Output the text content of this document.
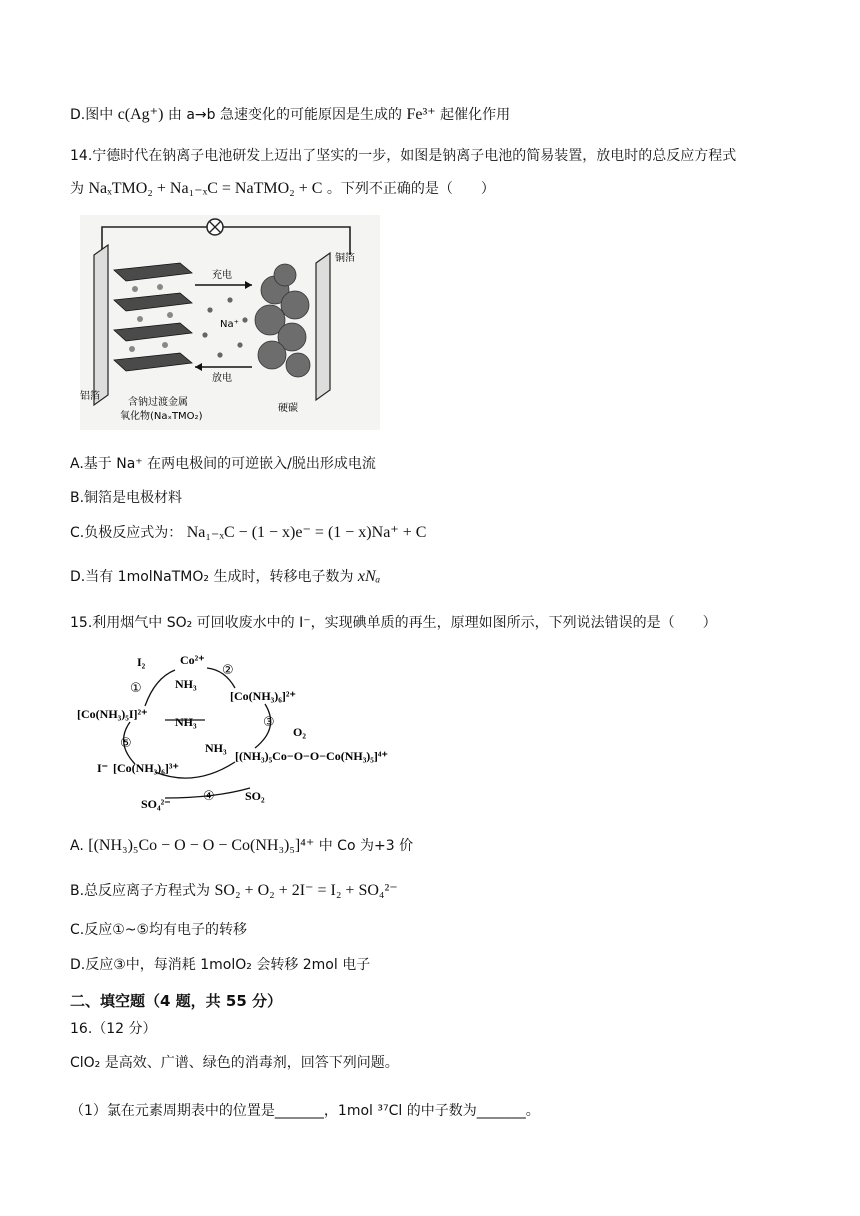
D.图中 c(Ag⁺) 由 a→b 急速变化的可能原因是生成的 Fe³⁺ 起催化作用
14.宁德时代在钠离子电池研发上迈出了坚实的一步，如图是钠离子电池的简易装置，放电时的总反应方程式
为 NaₓTMO₂ + Na₁₋ₓC = NaTMO₂ + C 。下列不正确的是（　　）
充电
放电
Na⁺
铜箔
铝箔
含钠过渡金属
氧化物(NaₓTMO₂)
硬碳
A.基于 Na⁺ 在两电极间的可逆嵌入/脱出形成电流
B.铜箔是电极材料
C.负极反应式为： Na₁₋ₓC − (1 − x)e⁻ = (1 − x)Na⁺ + C
D.当有 1molNaTMO₂ 生成时，转移电子数为 xNₐ
15.利用烟气中 SO₂ 可回收废水中的 I⁻，实现碘单质的再生，原理如图所示，下列说法错误的是（　　）
I₂	Co²⁺
NH₃
[Co(NH₃)₆]²⁺
[Co(NH₃)₅I]²⁺
NH₃
O₂
NH₃
[(NH₃)₅Co−O−O−Co(NH₃)₅]⁴⁺
I⁻ [Co(NH₃)₆]³⁺
SO₄²⁻
SO₂
①
②
③
④
⑤
A. [(NH₃)₅Co − O − O − Co(NH₃)₅]⁴⁺ 中 Co 为+3 价
B.总反应离子方程式为 SO₂ + O₂ + 2I⁻ = I₂ + SO₄²⁻
C.反应①~⑤均有电子的转移
D.反应③中，每消耗 1molO₂ 会转移 2mol 电子
二、填空题（4 题，共 55 分）
16.（12 分）
ClO₂ 是高效、广谱、绿色的消毒剂，回答下列问题。
（1）氯在元素周期表中的位置是_______，1mol ³⁷Cl 的中子数为_______。
